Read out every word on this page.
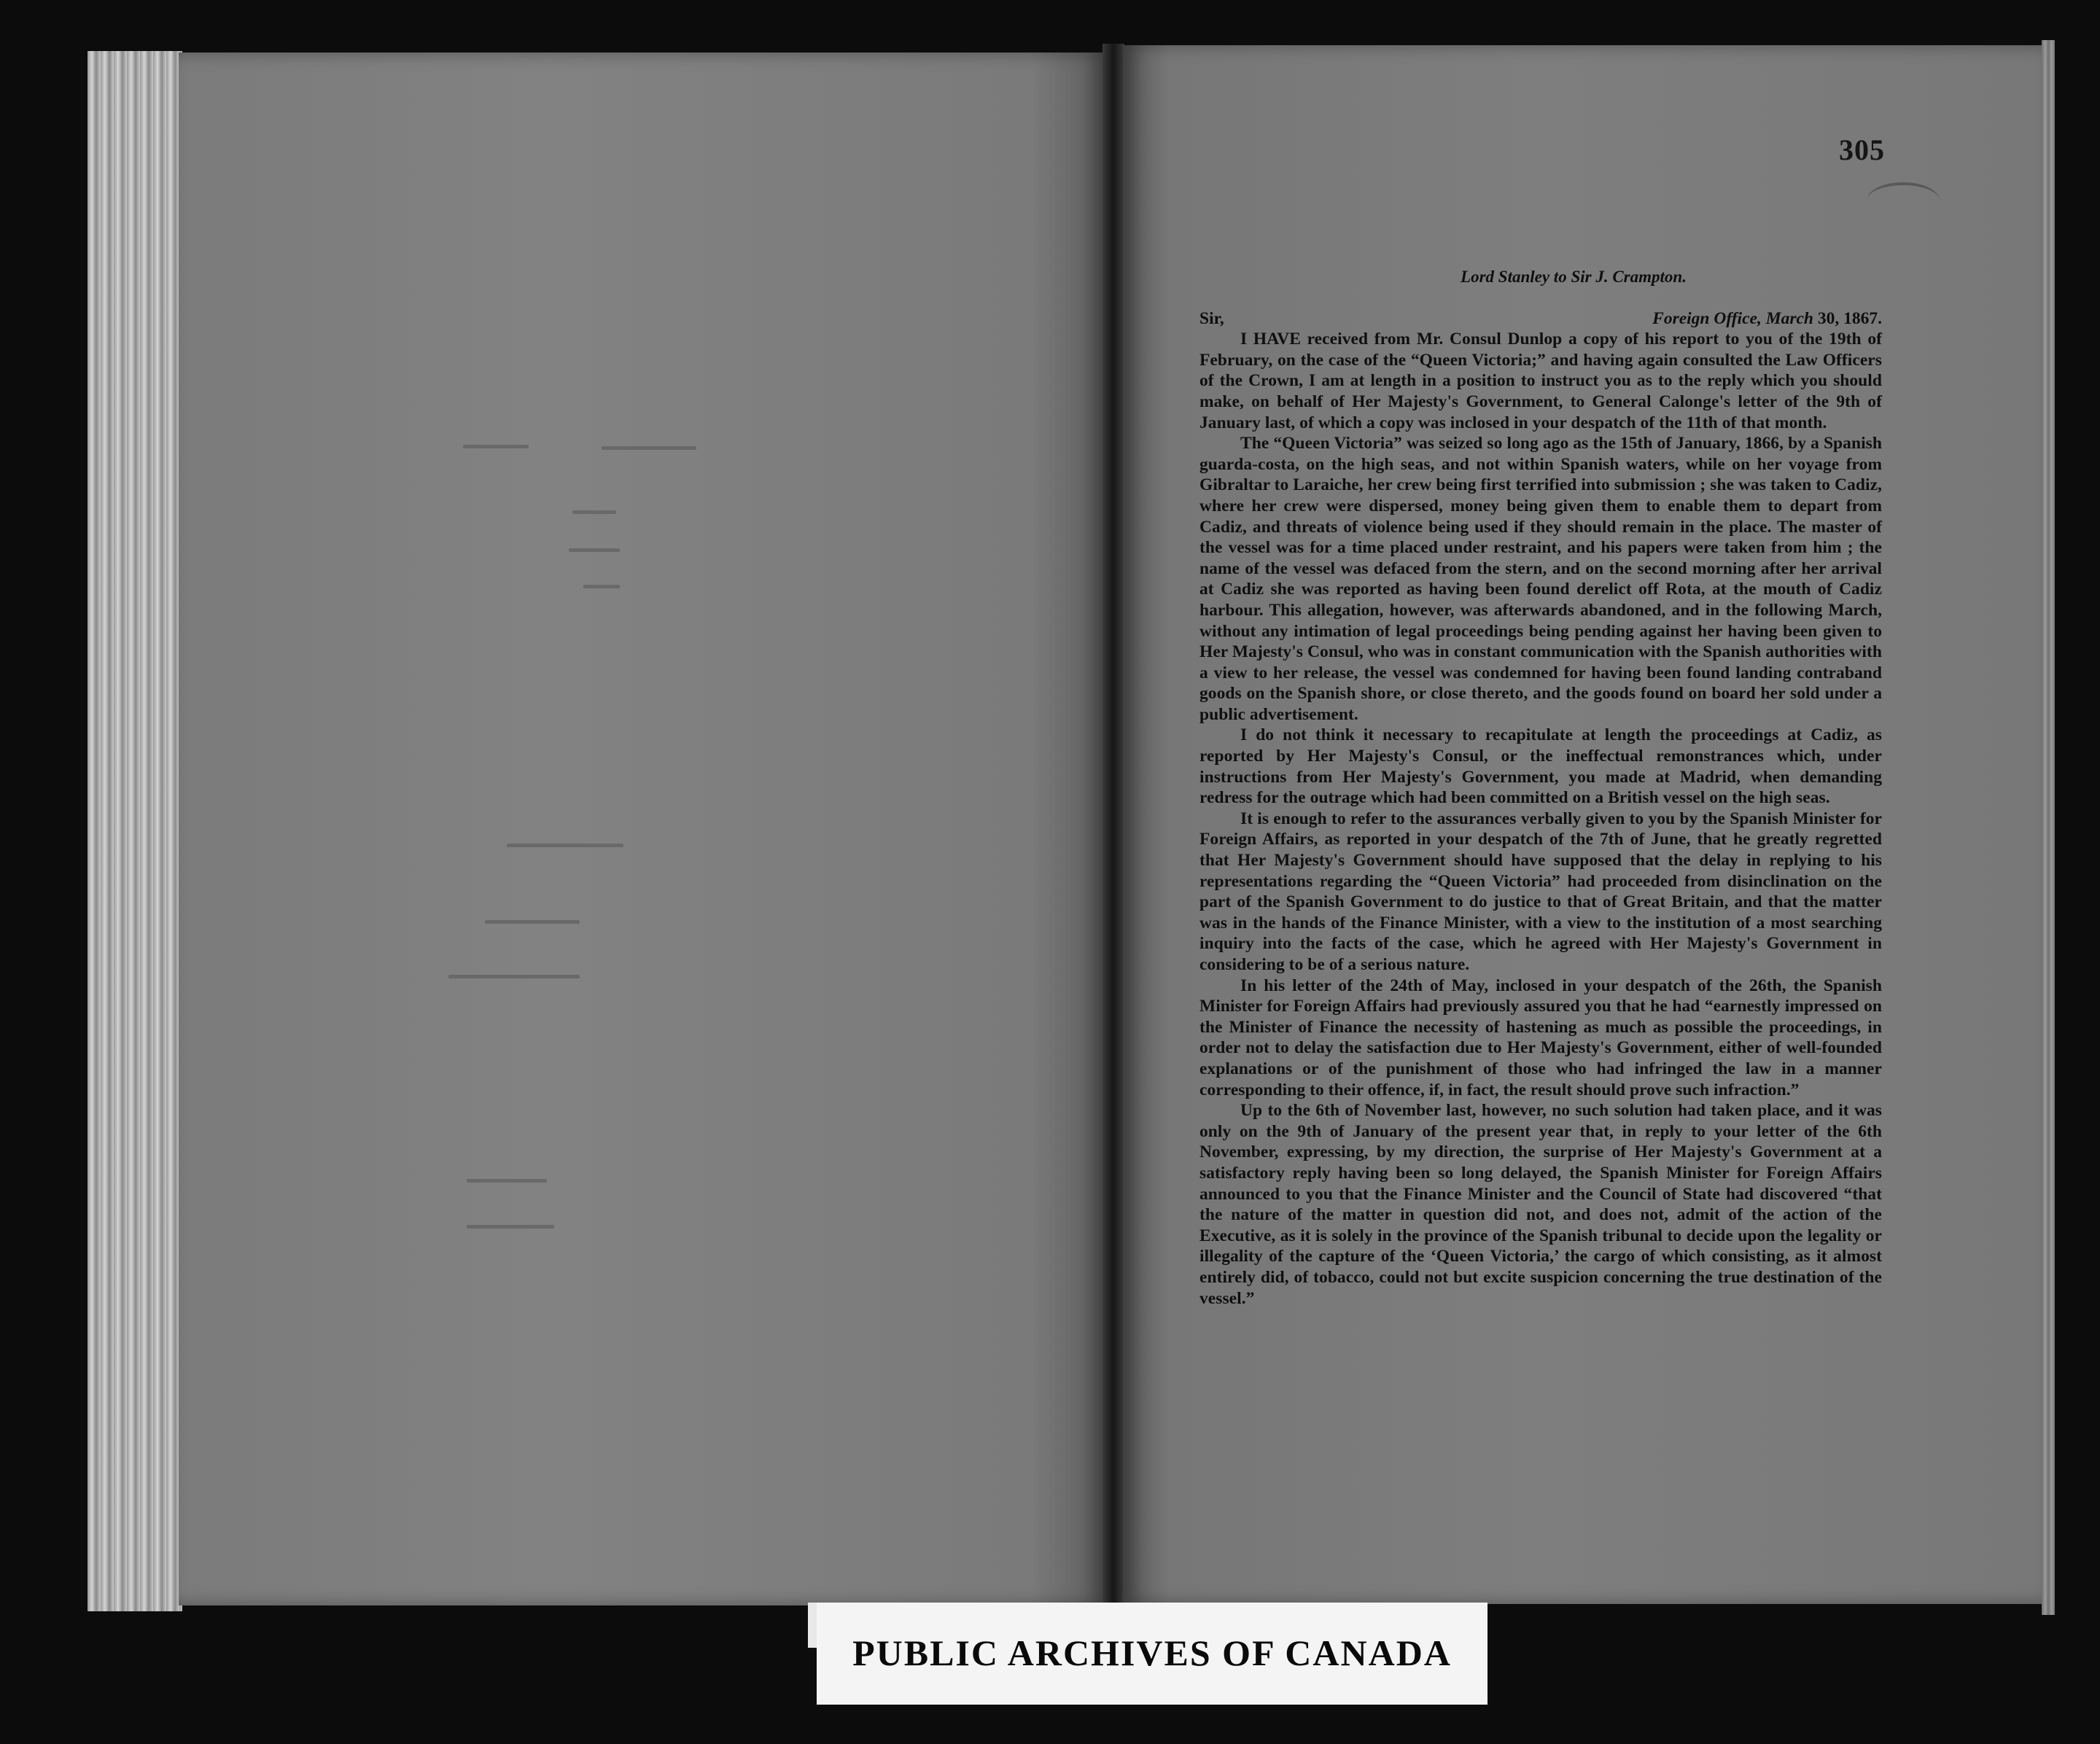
305

Lord Stanley to Sir J. Crampton.

Sir,	Foreign Office, March 30, 1867.

I HAVE received from Mr. Consul Dunlop a copy of his report to you of the 19th of February, on the case of the “Queen Victoria;” and having again consulted the Law Officers of the Crown, I am at length in a position to instruct you as to the reply which you should make, on behalf of Her Majesty's Government, to General Calonge's letter of the 9th of January last, of which a copy was inclosed in your despatch of the 11th of that month.

The “Queen Victoria” was seized so long ago as the 15th of January, 1866, by a Spanish guarda-costa, on the high seas, and not within Spanish waters, while on her voyage from Gibraltar to Laraiche, her crew being first terrified into submission ; she was taken to Cadiz, where her crew were dispersed, money being given them to enable them to depart from Cadiz, and threats of violence being used if they should remain in the place. The master of the vessel was for a time placed under restraint, and his papers were taken from him ; the name of the vessel was defaced from the stern, and on the second morning after her arrival at Cadiz she was reported as having been found derelict off Rota, at the mouth of Cadiz harbour. This allegation, however, was afterwards abandoned, and in the following March, without any intimation of legal proceedings being pending against her having been given to Her Majesty's Consul, who was in constant communication with the Spanish authorities with a view to her release, the vessel was condemned for having been found landing contraband goods on the Spanish shore, or close thereto, and the goods found on board her sold under a public advertisement.

I do not think it necessary to recapitulate at length the proceedings at Cadiz, as reported by Her Majesty's Consul, or the ineffectual remonstrances which, under instructions from Her Majesty's Government, you made at Madrid, when demanding redress for the outrage which had been committed on a British vessel on the high seas.

It is enough to refer to the assurances verbally given to you by the Spanish Minister for Foreign Affairs, as reported in your despatch of the 7th of June, that he greatly regretted that Her Majesty's Government should have supposed that the delay in replying to his representations regarding the “Queen Victoria” had proceeded from disinclination on the part of the Spanish Government to do justice to that of Great Britain, and that the matter was in the hands of the Finance Minister, with a view to the institution of a most searching inquiry into the facts of the case, which he agreed with Her Majesty's Government in considering to be of a serious nature.

In his letter of the 24th of May, inclosed in your despatch of the 26th, the Spanish Minister for Foreign Affairs had previously assured you that he had “earnestly impressed on the Minister of Finance the necessity of hastening as much as possible the proceedings, in order not to delay the satisfaction due to Her Majesty's Government, either of well-founded explanations or of the punishment of those who had infringed the law in a manner corresponding to their offence, if, in fact, the result should prove such infraction.”

Up to the 6th of November last, however, no such solution had taken place, and it was only on the 9th of January of the present year that, in reply to your letter of the 6th November, expressing, by my direction, the surprise of Her Majesty's Government at a satisfactory reply having been so long delayed, the Spanish Minister for Foreign Affairs announced to you that the Finance Minister and the Council of State had discovered “that the nature of the matter in question did not, and does not, admit of the action of the Executive, as it is solely in the province of the Spanish tribunal to decide upon the legality or illegality of the capture of the ‘Queen Victoria,’ the cargo of which consisting, as it almost entirely did, of tobacco, could not but excite suspicion concerning the true destination of the vessel.”

PUBLIC ARCHIVES OF CANADA
